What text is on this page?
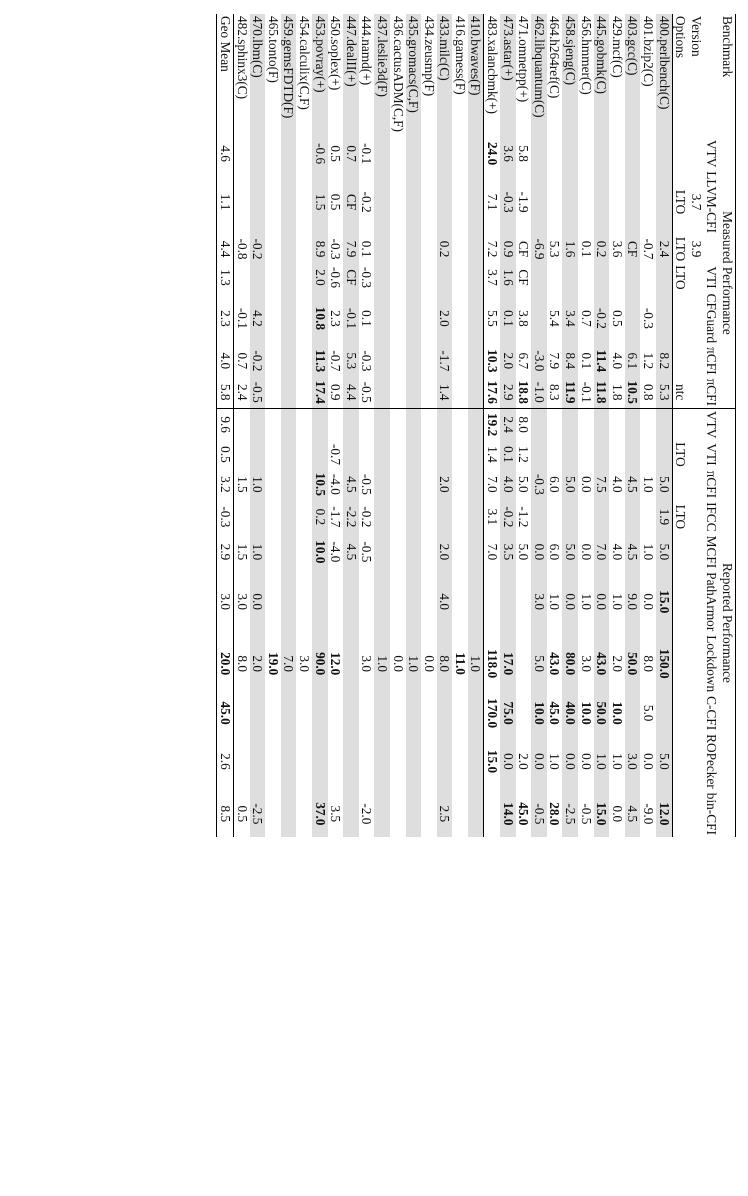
Benchmark	Measured Performance							Reported Performance									
	VTV	LLVM-CFI		VTI	CFGuard	πCFI	πCFI	VTV	VTI	πCFI	IFCC	MCFI	PathArmor	Lockdown	C-CFI	ROPecker	bin-CFI
Version		3.7	3.9														
Options		LTO	LTO	LTO			ntc		LTO		LTO						
400.perlbench(C)			2.4			8.2	5.3			5.0	1.9	5.0	15.0	150.0		5.0	12.0
401.bzip2(C)			-0.7		-0.3	1.2	0.8			1.0		1.0	0.0	8.0	5.0	0.0	-9.0
403.gcc(C)			CF			6.1	10.5			4.5		4.5	9.0	50.0		3.0	4.5
429.mcf(C)			3.6		0.5	4.0	1.8			4.0		4.0	1.0	2.0	10.0	1.0	0.0
445.gobmk(C)			0.2		-0.2	11.4	11.8			7.5		7.0	0.0	43.0	50.0	1.0	15.0
456.hmmer(C)			0.1		0.7	0.1	-0.1			0.0		0.0	1.0	3.0	10.0	0.0	-0.5
458.sjeng(C)			1.6		3.4	8.4	11.9			5.0		5.0	0.0	80.0	40.0	0.0	-2.5
464.h264ref(C)			5.3		5.4	7.9	8.3			6.0		6.0	1.0	43.0	45.0	1.0	28.0
462.libquantum(C)			-6.9			-3.0	-1.0			-0.3		0.0	3.0	5.0	10.0	0.0	-0.5
471.omnetpp(+)	5.8	-1.9	CF	CF	3.8	6.7	18.8	8.0	1.2	5.0	-1.2	5.0				2.0	45.0
473.astar(+)	3.6	-0.3	0.9	1.6	0.1	2.0	2.9	2.4	0.1	4.0	-0.2	3.5		17.0	75.0	0.0	14.0
483.xalancbmk(+)	24.0	7.1	7.2	3.7	5.5	10.3	17.6	19.2	1.4	7.0	3.1	7.0		118.0	170.0	15.0	
410.bwaves(F)														1.0			
416.gamess(F)														11.0			
433.milc(C)			0.2		2.0	-1.7	1.4			2.0		2.0	4.0	8.0			2.5
434.zeusmp(F)														0.0			
435.gromacs(C,F)														1.0			
436.cactusADM(C,F)														0.0			
437.leslie3d(F)														1.0			
444.namd(+)	-0.1	-0.2	0.1	-0.3	0.1	-0.3	-0.5			-0.5	-0.2	-0.5		3.0			-2.0
447.dealII(+)	0.7	CF	7.9	CF	-0.1	5.3	4.4			4.5	-2.2	4.5					
450.soplex(+)	0.5	0.5	-0.3	-0.6	2.3	-0.7	0.9		-0.7	-4.0	-1.7	-4.0		12.0			3.5
453.povray(+)	-0.6	1.5	8.9	2.0	10.8	11.3	17.4			10.5	0.2	10.0		90.0			37.0
454.calculix(C,F)														3.0			
459.gemsFDTD(F)														7.0			
465.tonto(F)														19.0			
470.lbm(C)			-0.2		4.2	-0.2	-0.5			1.0		1.0	0.0	2.0			-2.5
482.sphinx3(C)			-0.8		-0.1	0.7	2.4			1.5		1.5	3.0	8.0			0.5
Geo Mean	4.6	1.1	4.4	1.3	2.3	4.0	5.8	9.6	0.5	3.2	-0.3	2.9	3.0	20.0	45.0	2.6	8.5
